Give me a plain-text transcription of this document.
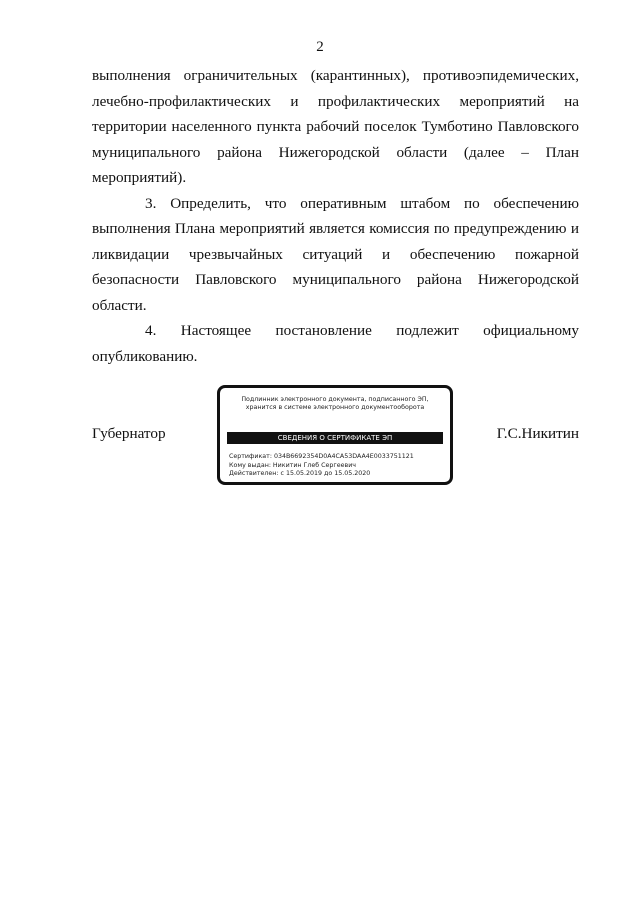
2
выполнения ограничительных (карантинных), противоэпидемических,
лечебно-профилактических и профилактических мероприятий на
территории населенного пункта рабочий поселок Тумботино Павловского
муниципального района Нижегородской области (далее – План
мероприятий).
3. Определить, что оперативным штабом по обеспечению
выполнения Плана мероприятий является комиссия по предупреждению и
ликвидации чрезвычайных ситуаций и обеспечению пожарной
безопасности Павловского муниципального района Нижегородской
области.
4. Настоящее постановление подлежит официальному
опубликованию.
Губернатор
Подлинник электронного документа, подписанного ЭП,
хранится в системе электронного документооборота
СВЕДЕНИЯ О СЕРТИФИКАТЕ ЭП
Сертификат: 034B6692354D0A4CA53DAA4E0033751121
Кому выдан: Никитин Глеб Сергеевич
Действителен: с 15.05.2019 до 15.05.2020
Г.С.Никитин
